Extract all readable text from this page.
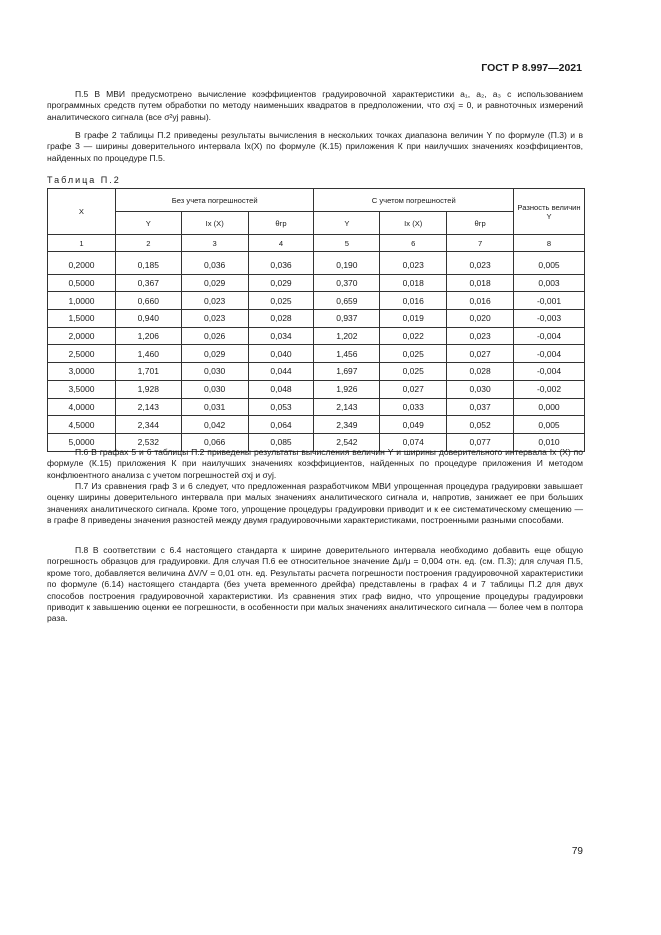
ГОСТ Р 8.997—2021

П.5 В МВИ предусмотрено вычисление коэффициентов градуировочной характеристики a₁, a₂, a₃ с использованием программных средств путем обработки по методу наименьших квадратов в предположении, что σxj = 0, и равноточных измерений аналитического сигнала (все σ²yj равны).

В графе 2 таблицы П.2 приведены результаты вычисления в нескольких точках диапазона величин Y по формуле (П.3) и в графе 3 — ширины доверительного интервала Ix(X) по формуле (К.15) приложения К при наилучших значениях коэффициентов, найденных по процедуре П.5.

Таблица П.2
X	Без учета погрешностей			С учетом погрешностей			Разность величин Y
	Y	Ix (X)	θгр	Y	Ix (X)	θгр	
1	2	3	4	5	6	7	8
0,2000	0,185	0,036	0,036	0,190	0,023	0,023	0,005
0,5000	0,367	0,029	0,029	0,370	0,018	0,018	0,003
1,0000	0,660	0,023	0,025	0,659	0,016	0,016	-0,001
1,5000	0,940	0,023	0,028	0,937	0,019	0,020	-0,003
2,0000	1,206	0,026	0,034	1,202	0,022	0,023	-0,004
2,5000	1,460	0,029	0,040	1,456	0,025	0,027	-0,004
3,0000	1,701	0,030	0,044	1,697	0,025	0,028	-0,004
3,5000	1,928	0,030	0,048	1,926	0,027	0,030	-0,002
4,0000	2,143	0,031	0,053	2,143	0,033	0,037	0,000
4,5000	2,344	0,042	0,064	2,349	0,049	0,052	0,005
5,0000	2,532	0,066	0,085	2,542	0,074	0,077	0,010

П.6 В графах 5 и 6 таблицы П.2 приведены результаты вычисления величин Y и ширины доверительного интервала Ix (X) по формуле (К.15) приложения К при наилучших значениях коэффициентов, найденных по процедуре приложения И методом конфлюентного анализа с учетом погрешностей σxj и σyj.

П.7 Из сравнения граф 3 и 6 следует, что предложенная разработчиком МВИ упрощенная процедура градуировки завышает оценку ширины доверительного интервала при малых значениях аналитического сигнала и, напротив, занижает ее при больших значениях аналитического сигнала. Кроме того, упрощение процедуры градуировки приводит и к ее систематическому смещению — в графе 8 приведены значения разностей между двумя градуировочными характеристиками, построенными разными способами.

П.8 В соответствии с 6.4 настоящего стандарта к ширине доверительного интервала необходимо добавить еще общую погрешность образцов для градуировки. Для случая П.6 ее относительное значение Δμ/μ = 0,004 отн. ед. (см. П.3); для случая П.5, кроме того, добавляется величина ΔV/V = 0,01 отн. ед. Результаты расчета погрешности построения градуировочной характеристики по формуле (6.14) настоящего стандарта (без учета временного дрейфа) представлены в графах 4 и 7 таблицы П.2 для двух способов построения градуировочной характеристики. Из сравнения этих граф видно, что упрощение процедуры градуировки приводит к завышению оценки ее погрешности, в особенности при малых значениях аналитического сигнала — более чем в полтора раза.

79
